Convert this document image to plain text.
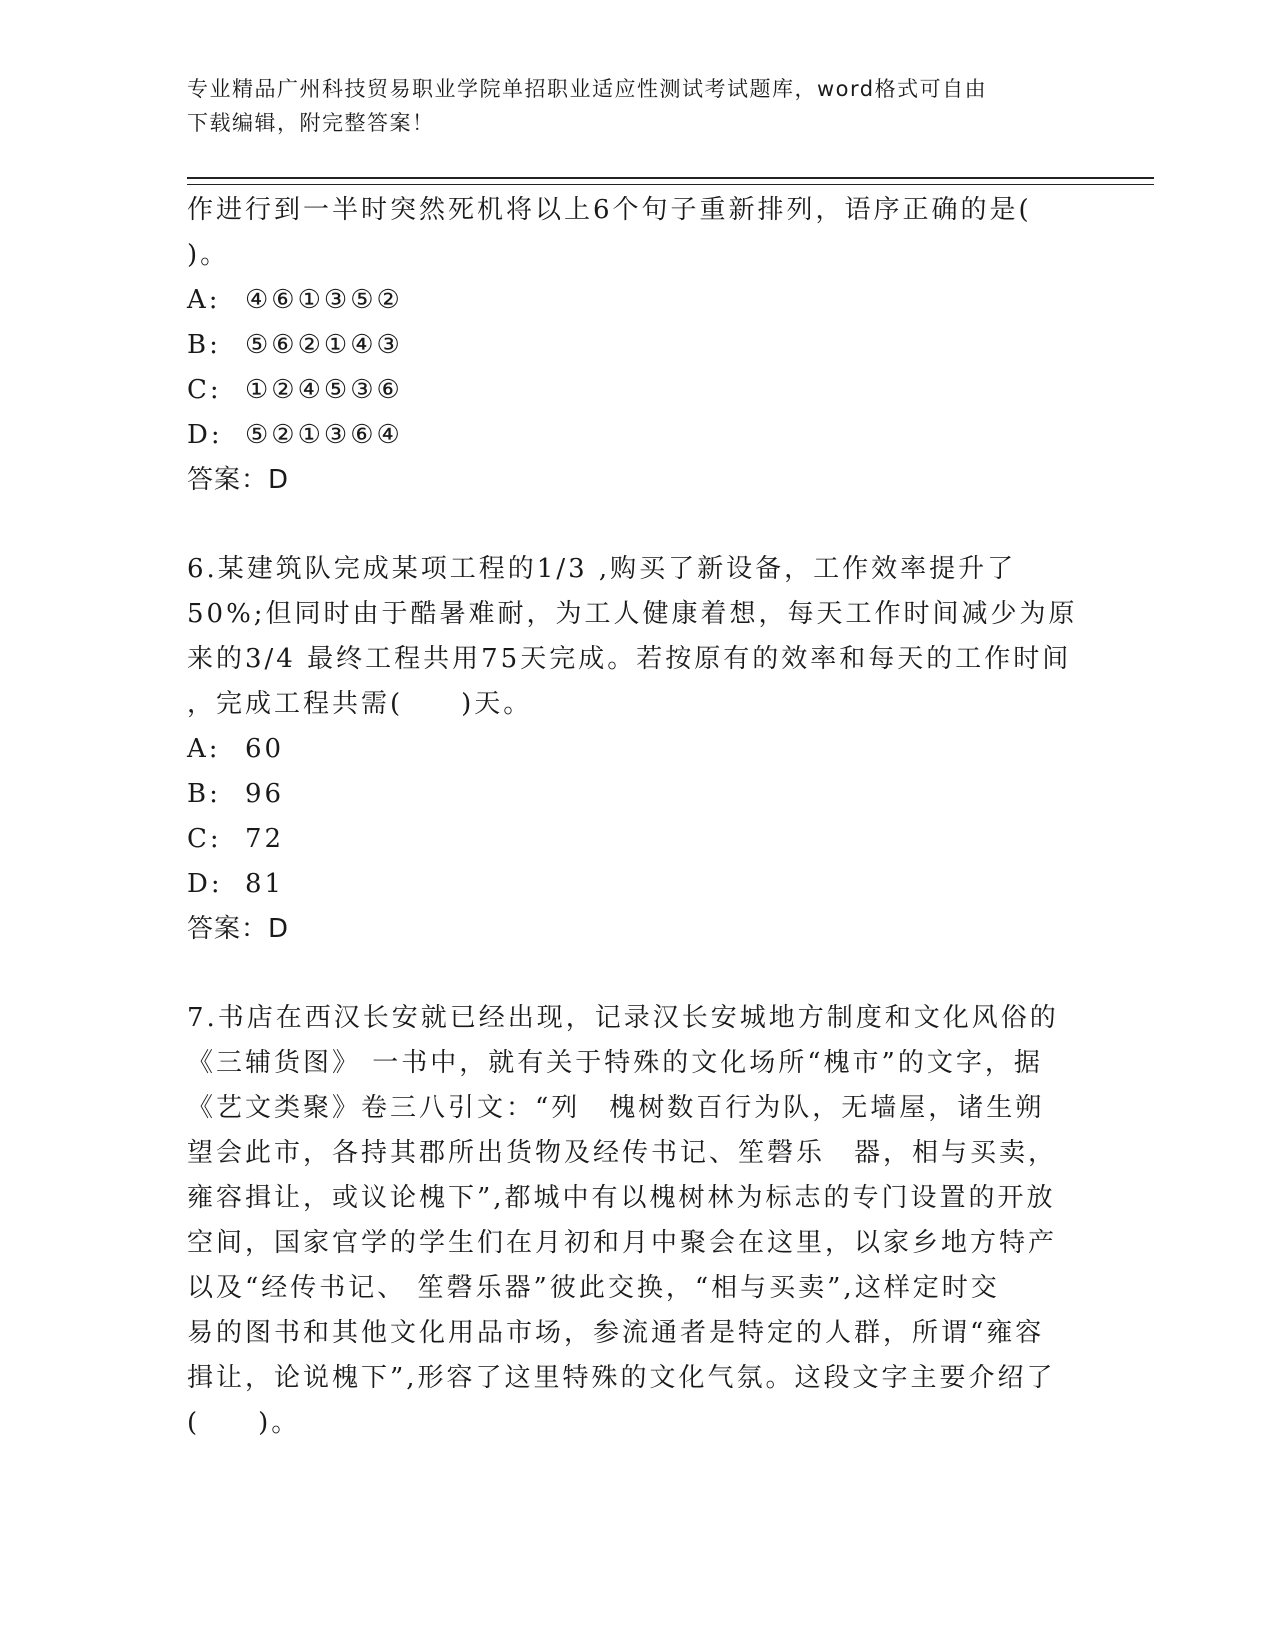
专业精品广州科技贸易职业学院单招职业适应性测试考试题库，word格式可自由
下载编辑，附完整答案！

作进行到一半时突然死机将以上6个句子重新排列，语序正确的是(

)。

A: ④⑥①③⑤②
B: ⑤⑥②①④③
C: ①②④⑤③⑥
D: ⑤②①③⑥④

答案：D

6.某建筑队完成某项工程的1/3 ,购买了新设备，工作效率提升了

50%;但同时由于酷暑难耐，为工人健康着想，每天工作时间减少为原

来的3/4 最终工程共用75天完成。若按原有的效率和每天的工作时间

，完成工程共需(　　)天。

A: 60
B: 96
C: 72
D: 81

答案：D

7.书店在西汉长安就已经出现，记录汉长安城地方制度和文化风俗的

《三辅货图》 一书中，就有关于特殊的文化场所“槐市”的文字，据

《艺文类聚》卷三八引文：“列　槐树数百行为队，无墙屋，诸生朔

望会此市，各持其郡所出货物及经传书记、笙磬乐　器，相与买卖，

雍容揖让，或议论槐下”,都城中有以槐树林为标志的专门设置的开放

空间，国家官学的学生们在月初和月中聚会在这里，以家乡地方特产

以及“经传书记、 笙磬乐器”彼此交换，“相与买卖”,这样定时交

易的图书和其他文化用品市场，参流通者是特定的人群，所谓“雍容

揖让，论说槐下”,形容了这里特殊的文化气氛。这段文字主要介绍了

(　　)。
